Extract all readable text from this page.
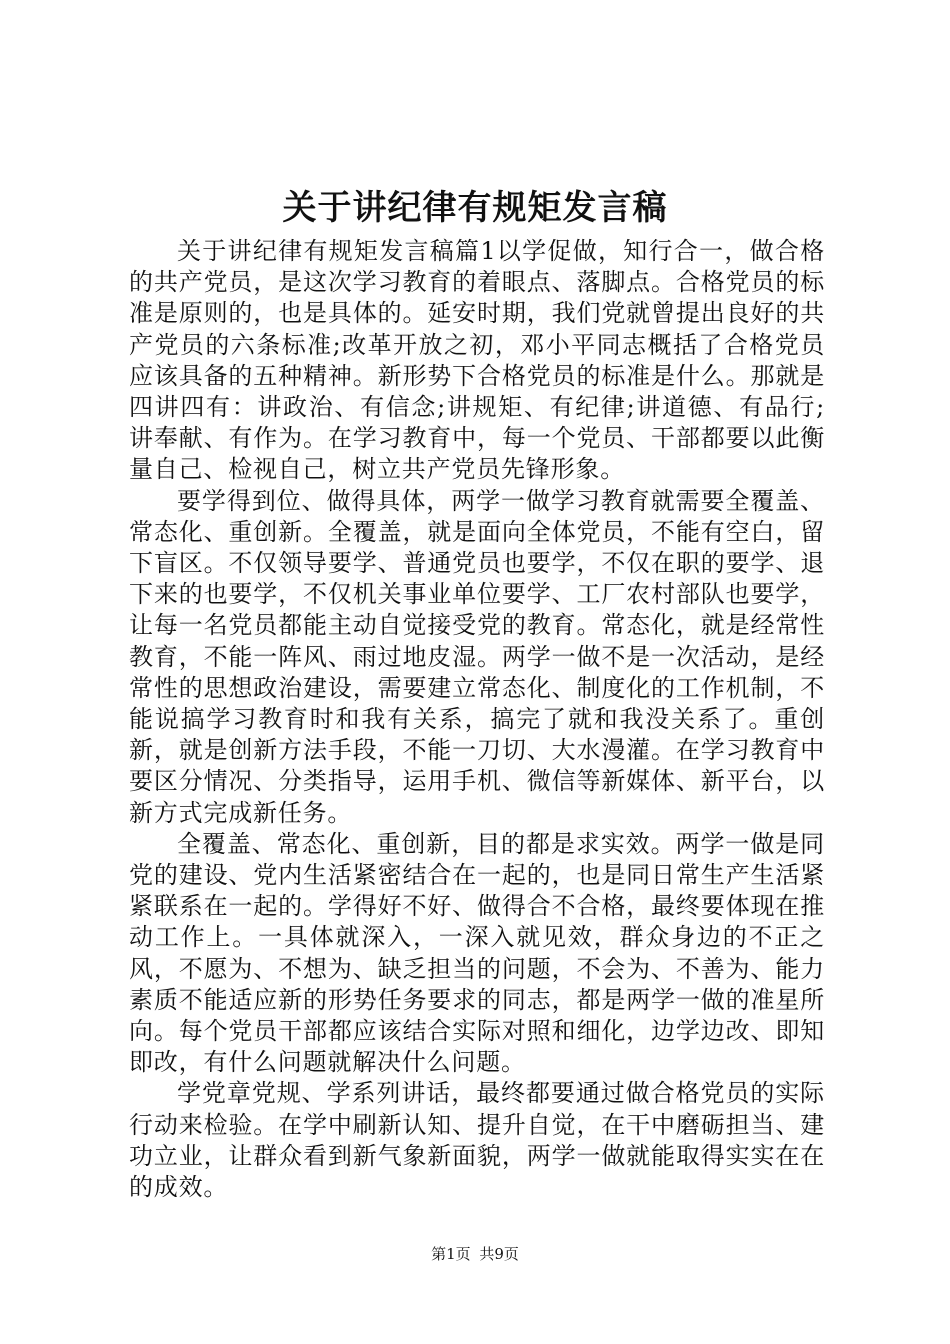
关于讲纪律有规矩发言稿

关于讲纪律有规矩发言稿篇1以学促做，知行合一，做合格的共产党员，是这次学习教育的着眼点、落脚点。合格党员的标准是原则的，也是具体的。延安时期，我们党就曾提出良好的共产党员的六条标准;改革开放之初，邓小平同志概括了合格党员应该具备的五种精神。新形势下合格党员的标准是什么。那就是四讲四有：讲政治、有信念;讲规矩、有纪律;讲道德、有品行;讲奉献、有作为。在学习教育中，每一个党员、干部都要以此衡量自己、检视自己，树立共产党员先锋形象。

要学得到位、做得具体，两学一做学习教育就需要全覆盖、常态化、重创新。全覆盖，就是面向全体党员，不能有空白，留下盲区。不仅领导要学、普通党员也要学，不仅在职的要学、退下来的也要学，不仅机关事业单位要学、工厂农村部队也要学，让每一名党员都能主动自觉接受党的教育。常态化，就是经常性教育，不能一阵风、雨过地皮湿。两学一做不是一次活动，是经常性的思想政治建设，需要建立常态化、制度化的工作机制，不能说搞学习教育时和我有关系，搞完了就和我没关系了。重创新，就是创新方法手段，不能一刀切、大水漫灌。在学习教育中要区分情况、分类指导，运用手机、微信等新媒体、新平台，以新方式完成新任务。

全覆盖、常态化、重创新，目的都是求实效。两学一做是同党的建设、党内生活紧密结合在一起的，也是同日常生产生活紧紧联系在一起的。学得好不好、做得合不合格，最终要体现在推动工作上。一具体就深入，一深入就见效，群众身边的不正之风，不愿为、不想为、缺乏担当的问题，不会为、不善为、能力素质不能适应新的形势任务要求的同志，都是两学一做的准星所向。每个党员干部都应该结合实际对照和细化，边学边改、即知即改，有什么问题就解决什么问题。

学党章党规、学系列讲话，最终都要通过做合格党员的实际行动来检验。在学中刷新认知、提升自觉，在干中磨砺担当、建功立业，让群众看到新气象新面貌，两学一做就能取得实实在在的成效。

第1页 共9页
